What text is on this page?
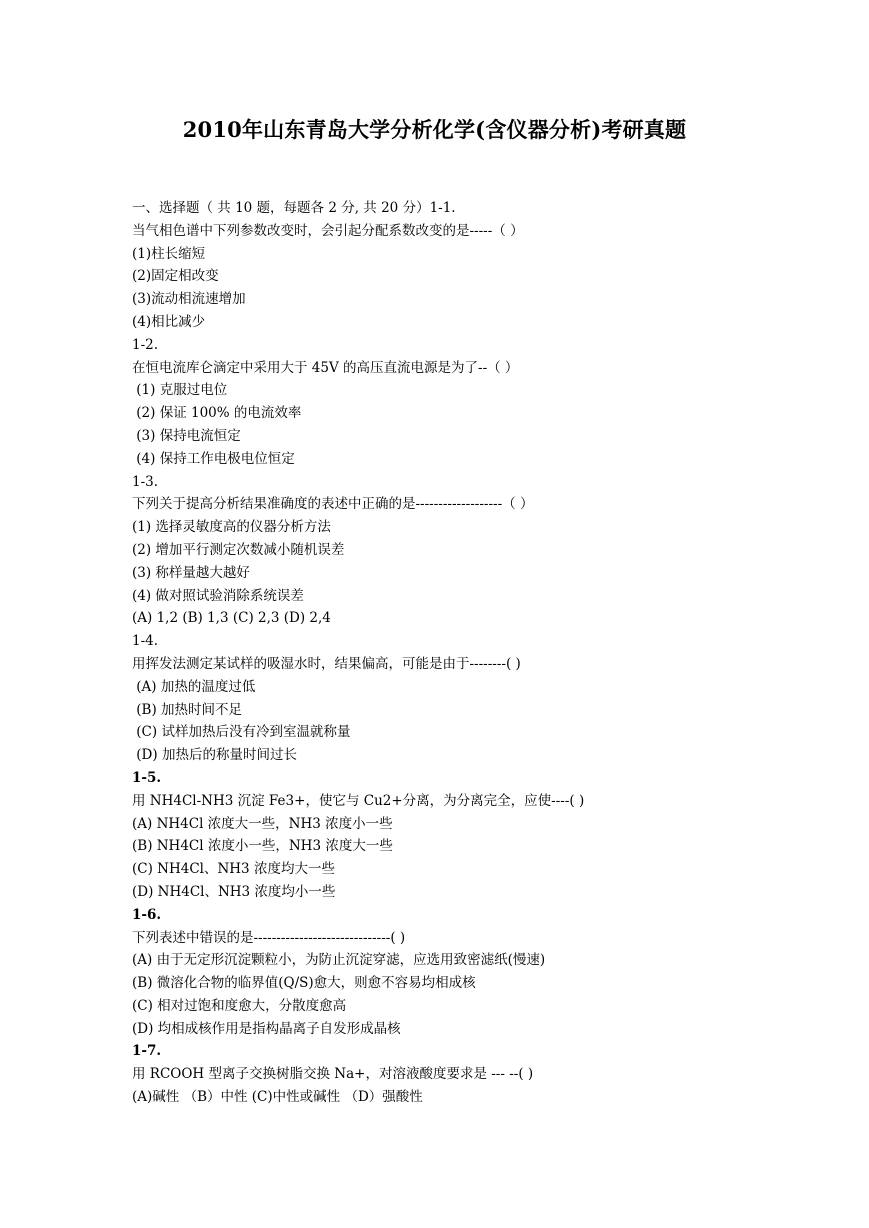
2010年山东青岛大学分析化学(含仪器分析)考研真题
一、选择题（ 共 10 题，每题各 2 分, 共 20 分）1-1.
当气相色谱中下列参数改变时，会引起分配系数改变的是-----（ ）
(1)柱长缩短
(2)固定相改变
(3)流动相流速增加
(4)相比减少
1-2.
在恒电流库仑滴定中采用大于 45V 的高压直流电源是为了--（ ）
(1) 克服过电位
(2) 保证 100% 的电流效率
(3) 保持电流恒定
(4) 保持工作电极电位恒定
1-3.
下列关于提高分析结果准确度的表述中正确的是-------------------（ ）
(1) 选择灵敏度高的仪器分析方法
(2) 增加平行测定次数减小随机误差
(3) 称样量越大越好
(4) 做对照试验消除系统误差
(A) 1,2 (B) 1,3 (C) 2,3 (D) 2,4
1-4.
用挥发法测定某试样的吸湿水时，结果偏高，可能是由于--------( )
(A) 加热的温度过低
(B) 加热时间不足
(C) 试样加热后没有冷到室温就称量
(D) 加热后的称量时间过长
1-5.
用 NH4Cl-NH3 沉淀 Fe3+，使它与 Cu2+分离，为分离完全，应使----( )
(A) NH4Cl 浓度大一些，NH3 浓度小一些
(B) NH4Cl 浓度小一些，NH3 浓度大一些
(C) NH4Cl、NH3 浓度均大一些
(D) NH4Cl、NH3 浓度均小一些
1-6.
下列表述中错误的是------------------------------( )
(A) 由于无定形沉淀颗粒小，为防止沉淀穿滤，应选用致密滤纸(慢速)
(B) 微溶化合物的临界值(Q/S)愈大，则愈不容易均相成核
(C) 相对过饱和度愈大，分散度愈高
(D) 均相成核作用是指构晶离子自发形成晶核
1-7.
用 RCOOH 型离子交换树脂交换 Na+，对溶液酸度要求是 --- --( )
(A)碱性 （B）中性 (C)中性或碱性 （D）强酸性
